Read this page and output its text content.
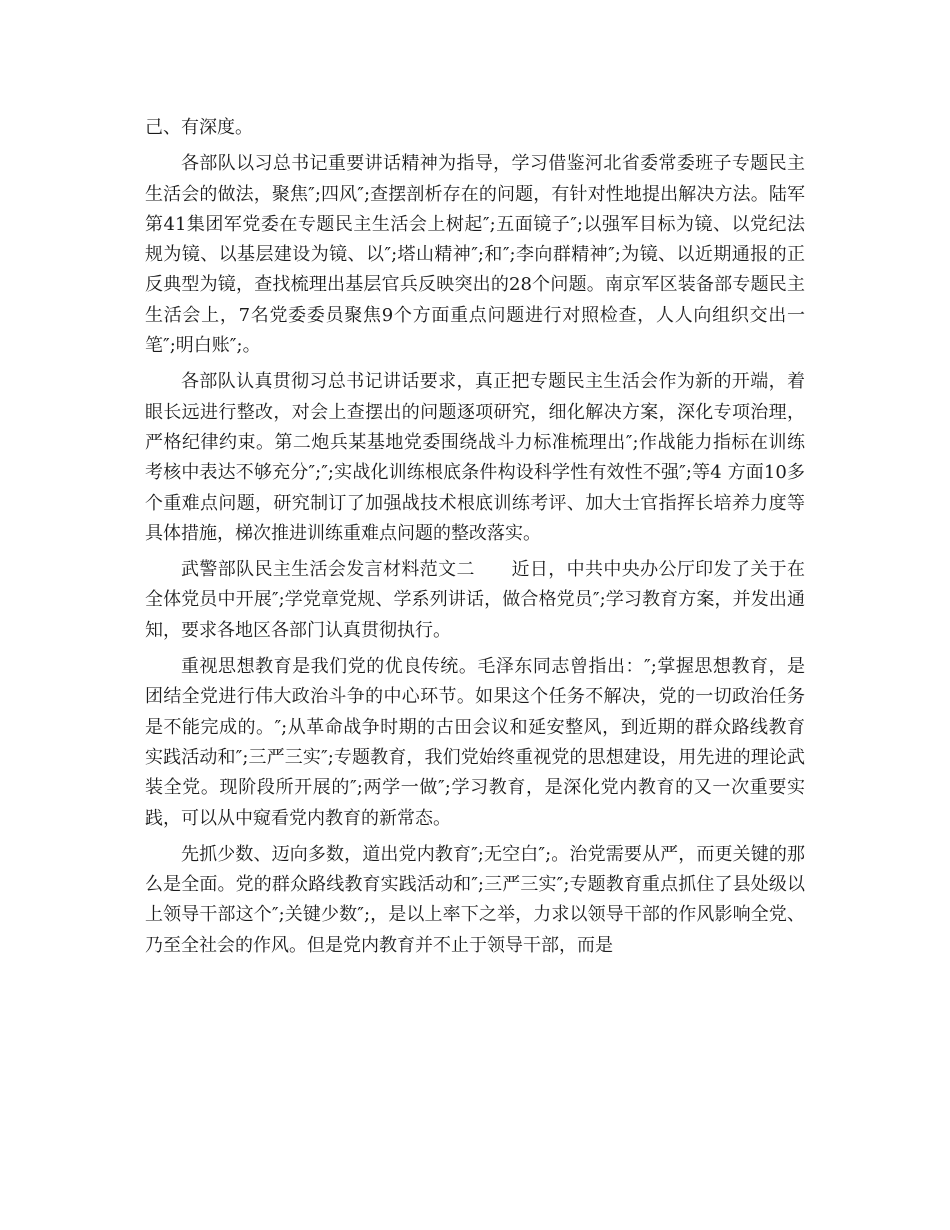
己、有深度。

各部队以习总书记重要讲话精神为指导，学习借鉴河北省委常委班子专题民主生活会的做法，聚焦″;四风″;查摆剖析存在的问题，有针对性地提出解决方法。陆军第41集团军党委在专题民主生活会上树起″;五面镜子″;以强军目标为镜、以党纪法规为镜、以基层建设为镜、以″;塔山精神″;和″;李向群精神″;为镜、以近期通报的正反典型为镜，查找梳理出基层官兵反映突出的28个问题。南京军区装备部专题民主生活会上，7名党委委员聚焦9个方面重点问题进行对照检查，人人向组织交出一笔″;明白账″;。

各部队认真贯彻习总书记讲话要求，真正把专题民主生活会作为新的开端，着眼长远进行整改，对会上查摆出的问题逐项研究，细化解决方案，深化专项治理，严格纪律约束。第二炮兵某基地党委围绕战斗力标准梳理出″;作战能力指标在训练考核中表达不够充分″;″;实战化训练根底条件构设科学性有效性不强″;等4 方面10多个重难点问题，研究制订了加强战技术根底训练考评、加大士官指挥长培养力度等具体措施，梯次推进训练重难点问题的整改落实。

武警部队民主生活会发言材料范文二　　近日，中共中央办公厅印发了关于在全体党员中开展″;学党章党规、学系列讲话，做合格党员″;学习教育方案，并发出通知，要求各地区各部门认真贯彻执行。

重视思想教育是我们党的优良传统。毛泽东同志曾指出：″;掌握思想教育，是团结全党进行伟大政治斗争的中心环节。如果这个任务不解决，党的一切政治任务是不能完成的。″;从革命战争时期的古田会议和延安整风，到近期的群众路线教育实践活动和″;三严三实″;专题教育，我们党始终重视党的思想建设，用先进的理论武装全党。现阶段所开展的″;两学一做″;学习教育，是深化党内教育的又一次重要实践，可以从中窥看党内教育的新常态。

先抓少数、迈向多数，道出党内教育″;无空白″;。治党需要从严，而更关键的那么是全面。党的群众路线教育实践活动和″;三严三实″;专题教育重点抓住了县处级以上领导干部这个″;关键少数″;，是以上率下之举，力求以领导干部的作风影响全党、乃至全社会的作风。但是党内教育并不止于领导干部，而是
